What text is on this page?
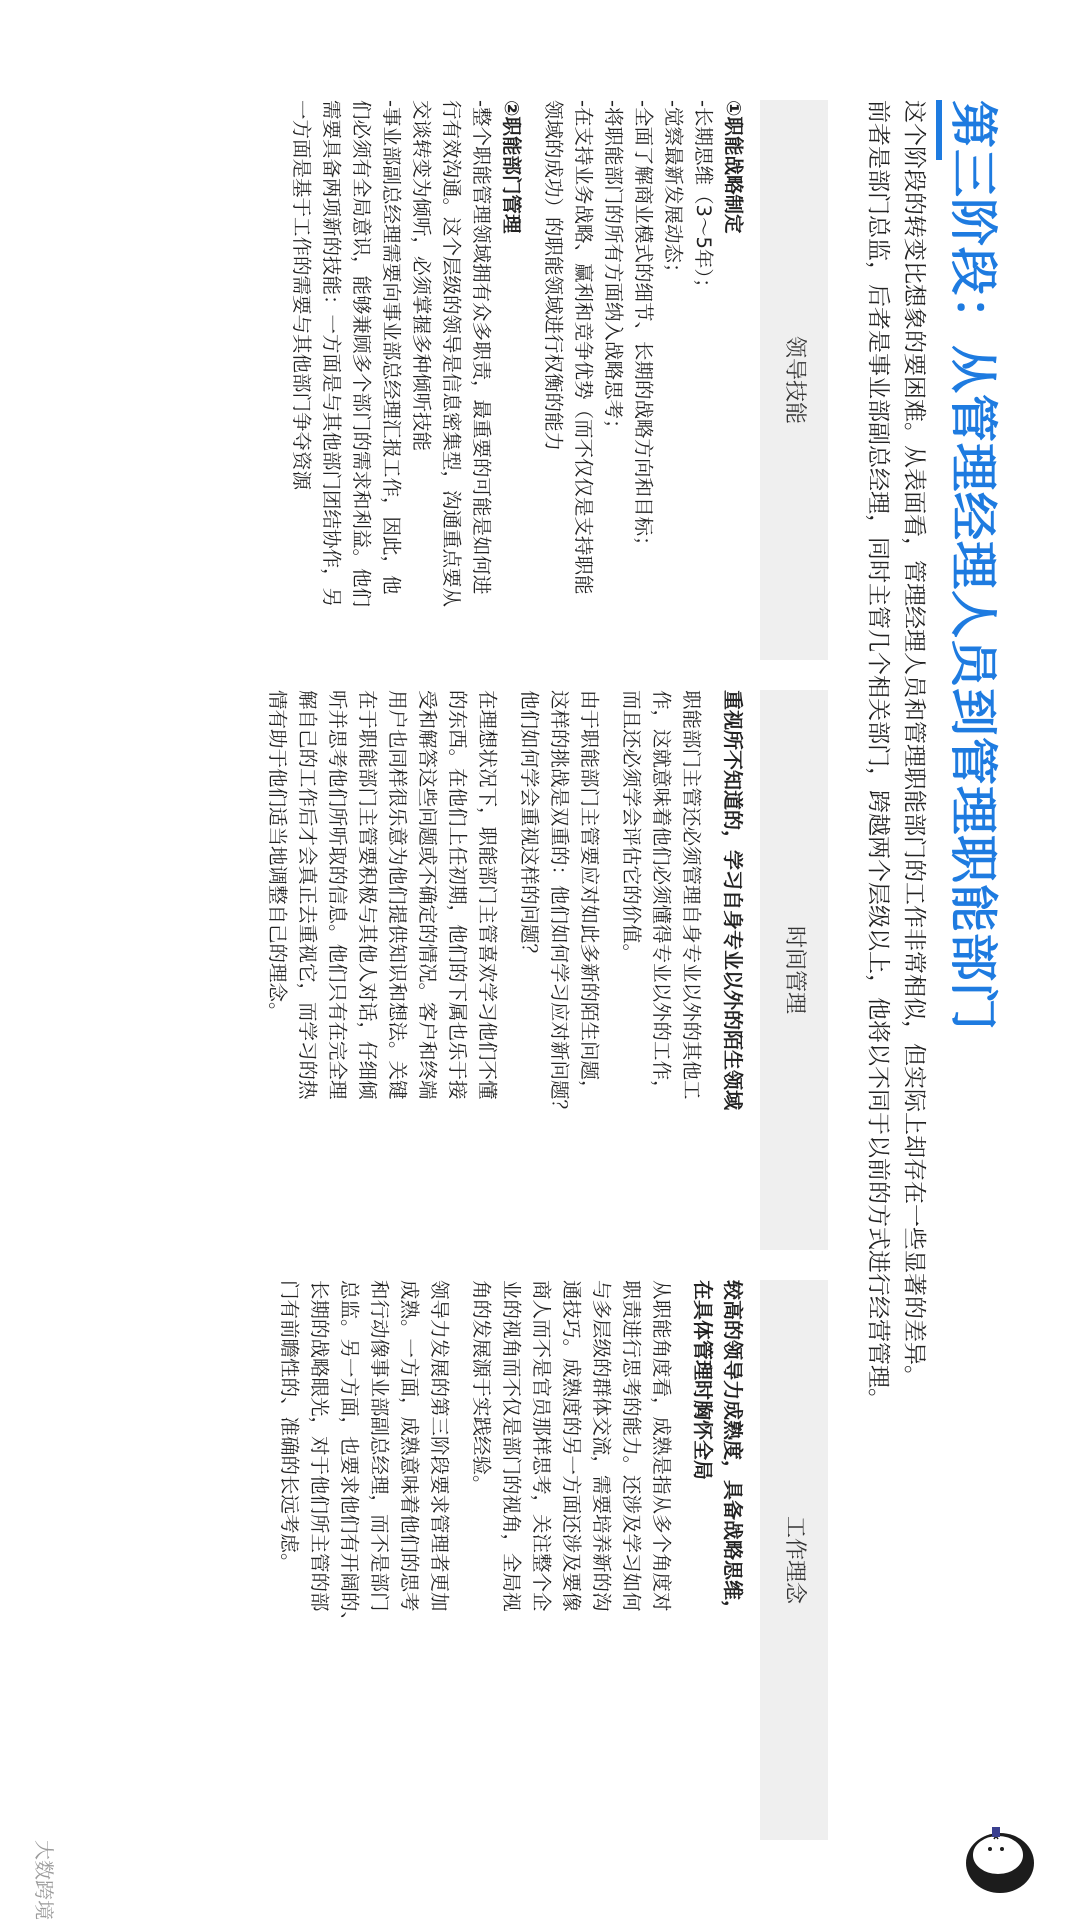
第三阶段：从管理经理人员到管理职能部门
这个阶段的转变比想象的要困难。从表面看，管理经理人员和管理职能部门的工作非常相似，但实际上却存在一些显著的差异。
前者是部门总监，后者是事业部副总经理，同时主管几个相关部门，跨越两个层级以上，他将以不同于以前的方式进行经营管理。
领导技能
①职能战略制定
-长期思维（3～5年）；
-觉察最新发展动态；
-全面了解商业模式的细节、长期的战略方向和目标；
-将职能部门的所有方面纳入战略思考；
-在支持业务战略、赢利和竞争优势（而不仅仅是支持职能
领域的成功）的职能领域进行权衡的能力
②职能部门管理
-整个职能管理领域拥有众多职责，最重要的可能是如何进
行有效沟通。这个层级的领导是信息密集型，沟通重点要从
交谈转变为倾听，必须掌握多种倾听技能
-事业部副总经理需要向事业部总经理汇报工作，因此，他
们必须有全局意识，能够兼顾多个部门的需求和利益。他们
需要具备两项新的技能：一方面是与其他部门团结协作，另
一方面是基于工作的需要与其他部门争夺资源
时间管理
重视所不知道的，学习自身专业以外的陌生领域
职能部门主管还必须管理自身专业以外的其他工
作，这就意味着他们必须懂得专业以外的工作，
而且还必须学会评估它的价值。
由于职能部门主管要应对如此多新的陌生问题，
这样的挑战是双重的：他们如何学习应对新问题？
他们如何学会重视这样的问题？
在理想状况下，职能部门主管喜欢学习他们不懂
的东西。在他们上任初期，他们的下属也乐于接
受和解答这些问题或不确定的情况。客户和终端
用户也同样很乐意为他们提供知识和想法。关键
在于职能部门主管要积极与其他人对话，仔细倾
听并思考他们所听取的信息。他们只有在完全理
解自己的工作后才会真正去重视它，而学习的热
情有助于他们适当地调整自己的理念。
工作理念
较高的领导力成熟度，具备战略思维，
在具体管理时胸怀全局
从职能角度看，成熟是指从多个角度对
职责进行思考的能力。还涉及学习如何
与多层级的群体交流，需要培养新的沟
通技巧。成熟度的另一方面还涉及要像
商人而不是官员那样思考，关注整个企
业的视角而不仅是部门的视角，全局视
角的发展源于实践经验。
领导力发展的第三阶段要求管理者更加
成熟。一方面，成熟意味着他们的思考
和行动像事业部副总经理，而不是部门
总监。另一方面，也要求他们有开阔的、
长期的战略眼光，对于他们所主管的部
门有前瞻性的、准确的长远考虑。
大数跨境
